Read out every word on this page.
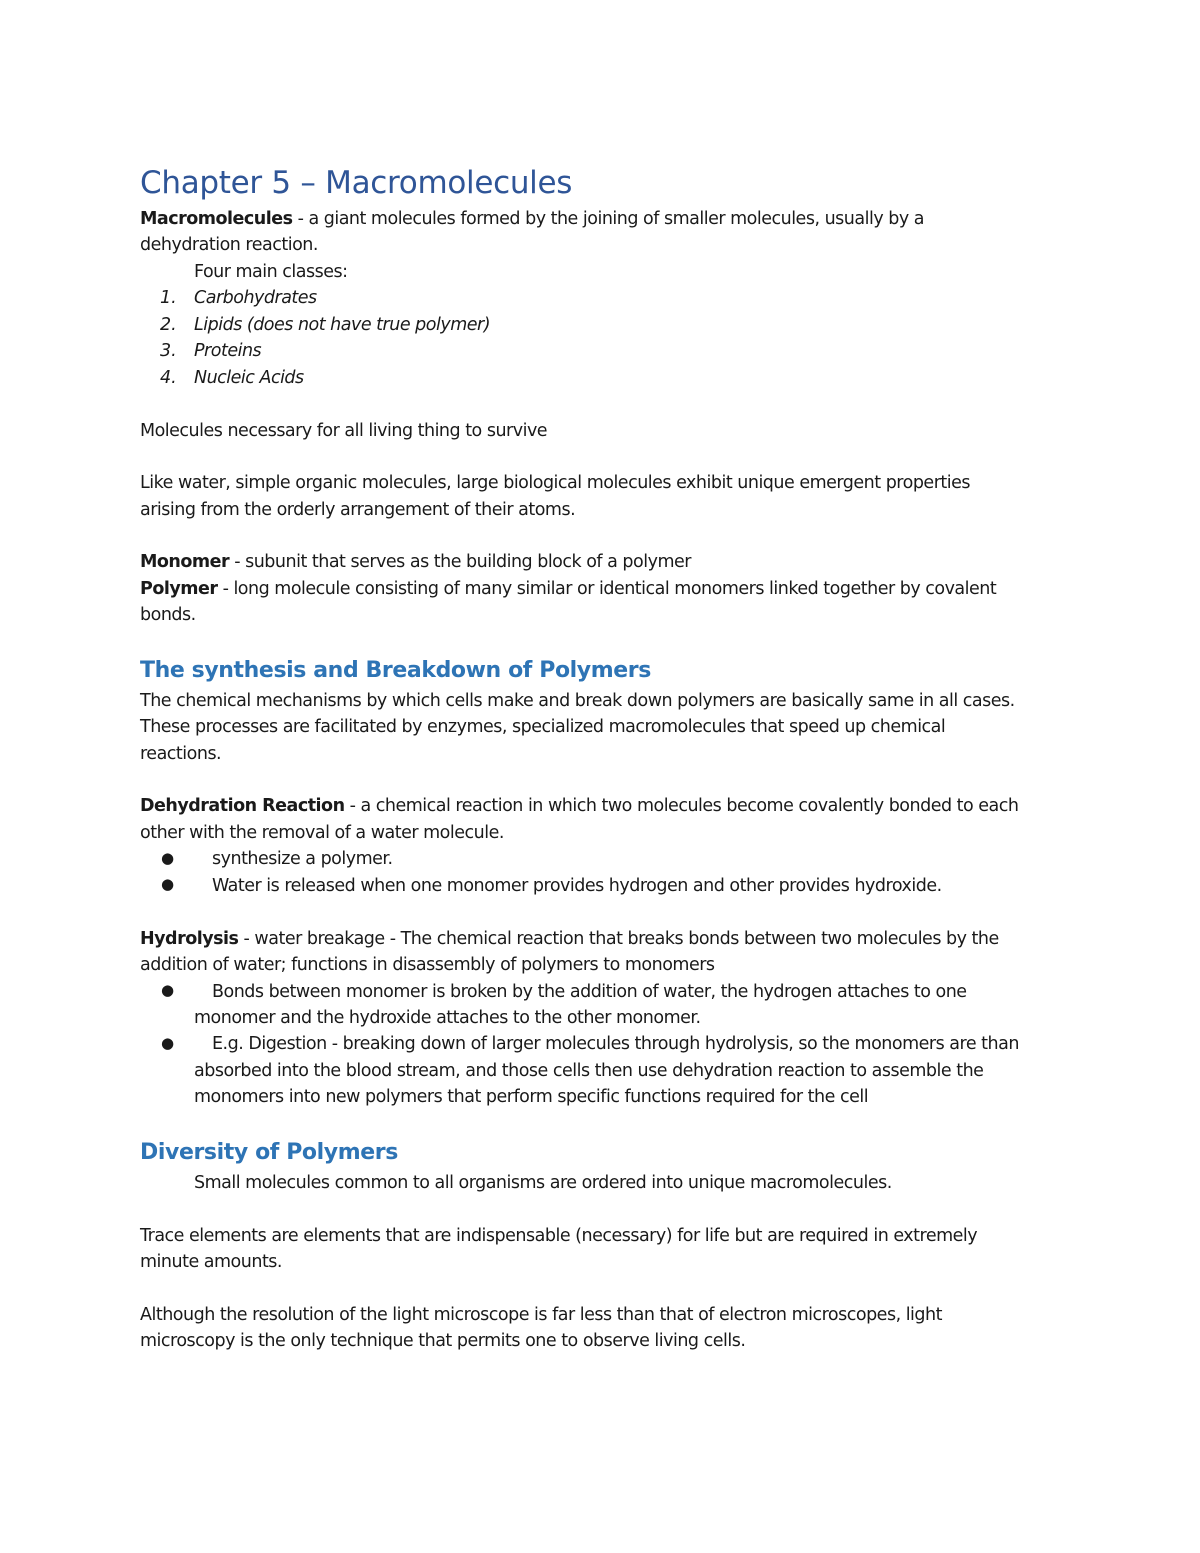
Chapter 5 – Macromolecules
Macromolecules - a giant molecules formed by the joining of smaller molecules, usually by a
dehydration reaction.
Four main classes:
1. Carbohydrates
2. Lipids (does not have true polymer)
3. Proteins
4. Nucleic Acids
Molecules necessary for all living thing to survive
Like water, simple organic molecules, large biological molecules exhibit unique emergent properties
arising from the orderly arrangement of their atoms.
Monomer - subunit that serves as the building block of a polymer
Polymer - long molecule consisting of many similar or identical monomers linked together by covalent
bonds.
The synthesis and Breakdown of Polymers
The chemical mechanisms by which cells make and break down polymers are basically same in all cases.
These processes are facilitated by enzymes, specialized macromolecules that speed up chemical
reactions.
Dehydration Reaction - a chemical reaction in which two molecules become covalently bonded to each
other with the removal of a water molecule.
● synthesize a polymer.
● Water is released when one monomer provides hydrogen and other provides hydroxide.
Hydrolysis - water breakage - The chemical reaction that breaks bonds between two molecules by the
addition of water; functions in disassembly of polymers to monomers
● Bonds between monomer is broken by the addition of water, the hydrogen attaches to one
monomer and the hydroxide attaches to the other monomer.
● E.g. Digestion - breaking down of larger molecules through hydrolysis, so the monomers are than
absorbed into the blood stream, and those cells then use dehydration reaction to assemble the
monomers into new polymers that perform specific functions required for the cell
Diversity of Polymers
Small molecules common to all organisms are ordered into unique macromolecules.
Trace elements are elements that are indispensable (necessary) for life but are required in extremely
minute amounts.
Although the resolution of the light microscope is far less than that of electron microscopes, light
microscopy is the only technique that permits one to observe living cells.
